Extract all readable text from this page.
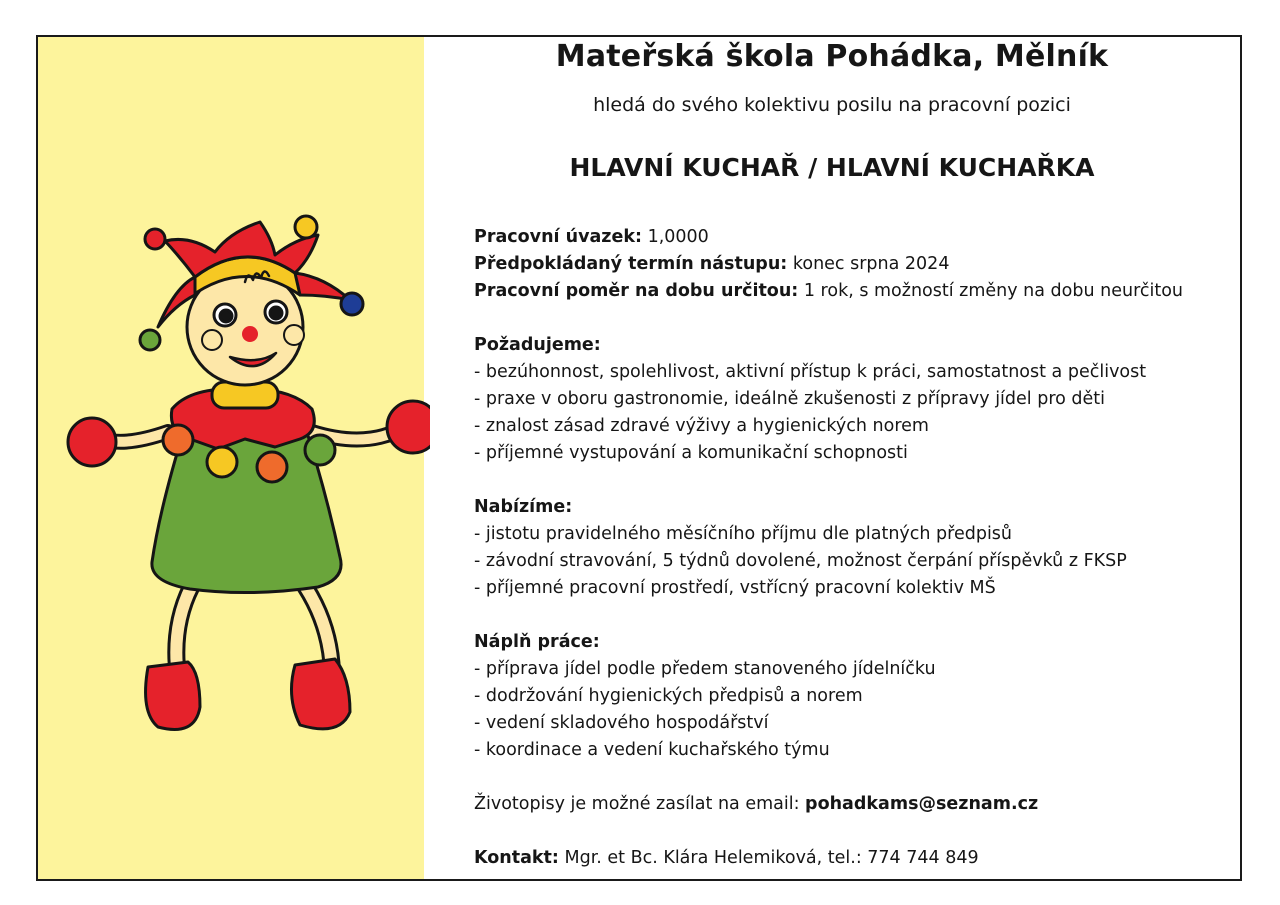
Mateřská škola Pohádka, Mělník
hledá do svého kolektivu posilu na pracovní pozici
HLAVNÍ KUCHAŘ / HLAVNÍ KUCHAŘKA
Pracovní úvazek: 1,0000
Předpokládaný termín nástupu: konec srpna 2024
Pracovní poměr na dobu určitou: 1 rok, s možností změny na dobu neurčitou
Požadujeme:
- bezúhonnost, spolehlivost, aktivní přístup k práci, samostatnost a pečlivost
- praxe v oboru gastronomie, ideálně zkušenosti z přípravy jídel pro děti
- znalost zásad zdravé výživy a hygienických norem
- příjemné vystupování a komunikační schopnosti
Nabízíme:
- jistotu pravidelného měsíčního příjmu dle platných předpisů
- závodní stravování, 5 týdnů dovolené, možnost čerpání příspěvků z FKSP
- příjemné pracovní prostředí, vstřícný pracovní kolektiv MŠ
Náplň práce:
- příprava jídel podle předem stanoveného jídelníčku
- dodržování hygienických předpisů a norem
- vedení skladového hospodářství
- koordinace a vedení kuchařského týmu
Životopisy je možné zasílat na email: pohadkams@seznam.cz
Kontakt: Mgr. et Bc. Klára Helemiková, tel.: 774 744 849
